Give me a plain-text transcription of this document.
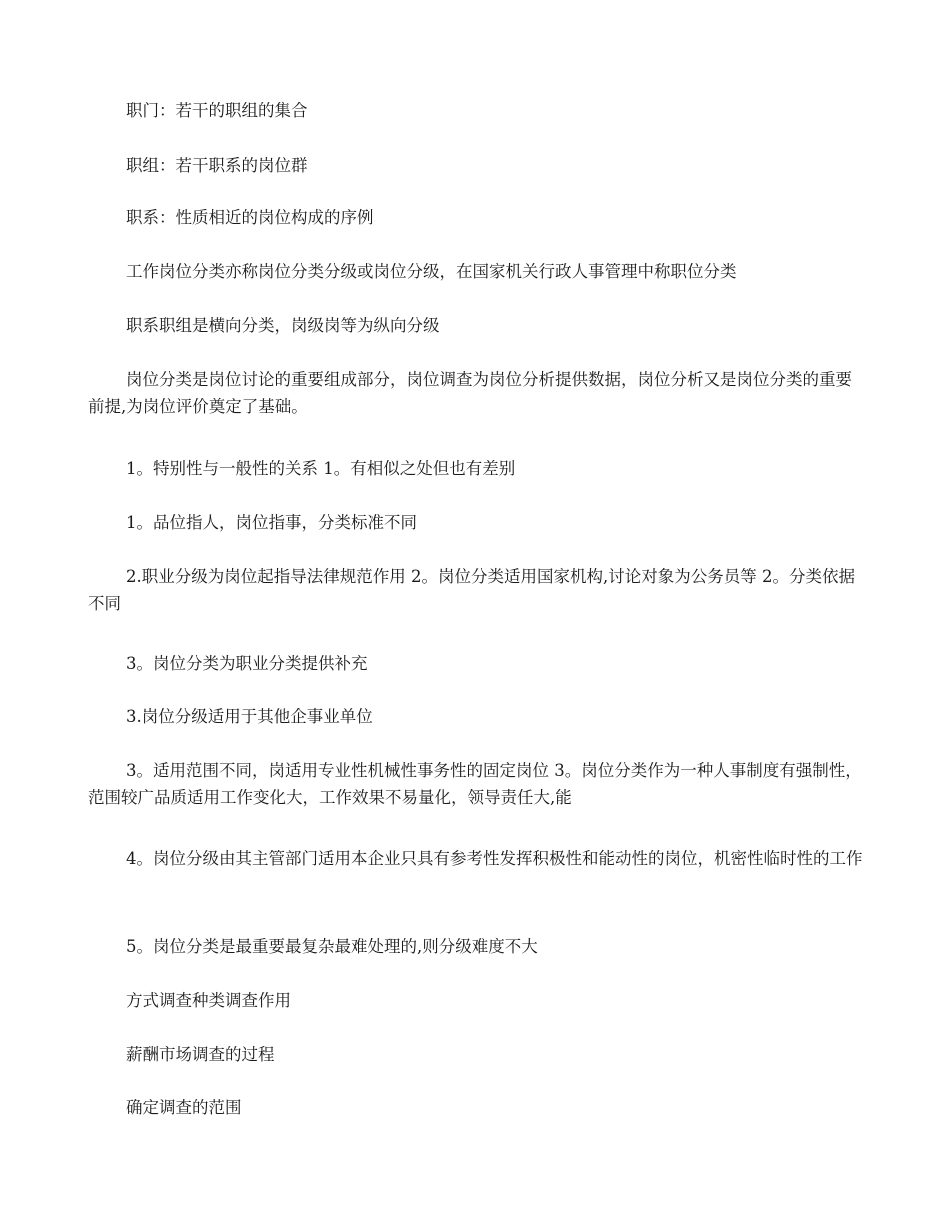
职门：若干的职组的集合

职组：若干职系的岗位群

职系：性质相近的岗位构成的序例

工作岗位分类亦称岗位分类分级或岗位分级，在国家机关行政人事管理中称职位分类

职系职组是横向分类，岗级岗等为纵向分级

岗位分类是岗位讨论的重要组成部分，岗位调查为岗位分析提供数据，岗位分析又是岗位分类的重要前提,为岗位评价奠定了基础。

1。特别性与一般性的关系 1。有相似之处但也有差别

1。品位指人，岗位指事，分类标准不同

2.职业分级为岗位起指导法律规范作用 2。岗位分类适用国家机构,讨论对象为公务员等 2。分类依据不同

3。岗位分类为职业分类提供补充

3.岗位分级适用于其他企事业单位

3。适用范围不同，岗适用专业性机械性事务性的固定岗位 3。岗位分类作为一种人事制度有强制性，范围较广品质适用工作变化大，工作效果不易量化，领导责任大,能

4。岗位分级由其主管部门适用本企业只具有参考性发挥积极性和能动性的岗位，机密性临时性的工作

5。岗位分类是最重要最复杂最难处理的,则分级难度不大

方式调查种类调查作用

薪酬市场调查的过程

确定调查的范围
